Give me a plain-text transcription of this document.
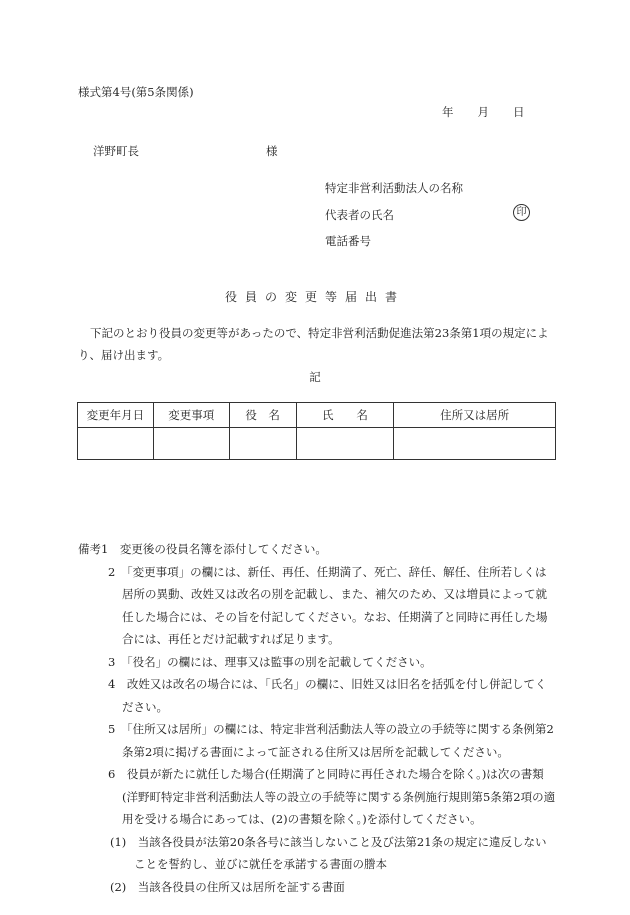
様式第4号(第5条関係)
年 月 日
洋野町長	様
特定非営利活動法人の名称
代表者の氏名	印
電話番号
役員の変更等届出書
下記のとおり役員の変更等があったので、特定非営利活動促進法第23条第1項の規定により、届け出ます。
記
変更年月日	変更事項	役　名	氏　　名	住所又は居所

備考1　 変更後の役員名簿を添付してください。
2　「変更事項」の欄には、新任、再任、任期満了、死亡、辞任、解任、住所若しくは居所の異動、改姓又は改名の別を記載し、また、補欠のため、又は増員によって就任した場合には、その旨を付記してください。なお、任期満了と同時に再任した場合には、再任とだけ記載すれば足ります。
3　「役名」の欄には、理事又は監事の別を記載してください。
4　改姓又は改名の場合には、「氏名」の欄に、旧姓又は旧名を括弧を付し併記してください。
5　「住所又は居所」の欄には、特定非営利活動法人等の設立の手続等に関する条例第2条第2項に掲げる書面によって証される住所又は居所を記載してください。
6　役員が新たに就任した場合(任期満了と同時に再任された場合を除く。)は次の書類(洋野町特定非営利活動法人等の設立の手続等に関する条例施行規則第5条第2項の適用を受ける場合にあっては、(2)の書類を除く。)を添付してください。
(1)　当該各役員が法第20条各号に該当しないこと及び法第21条の規定に違反しないことを誓約し、並びに就任を承諾する書面の謄本
(2)　当該各役員の住所又は居所を証する書面
